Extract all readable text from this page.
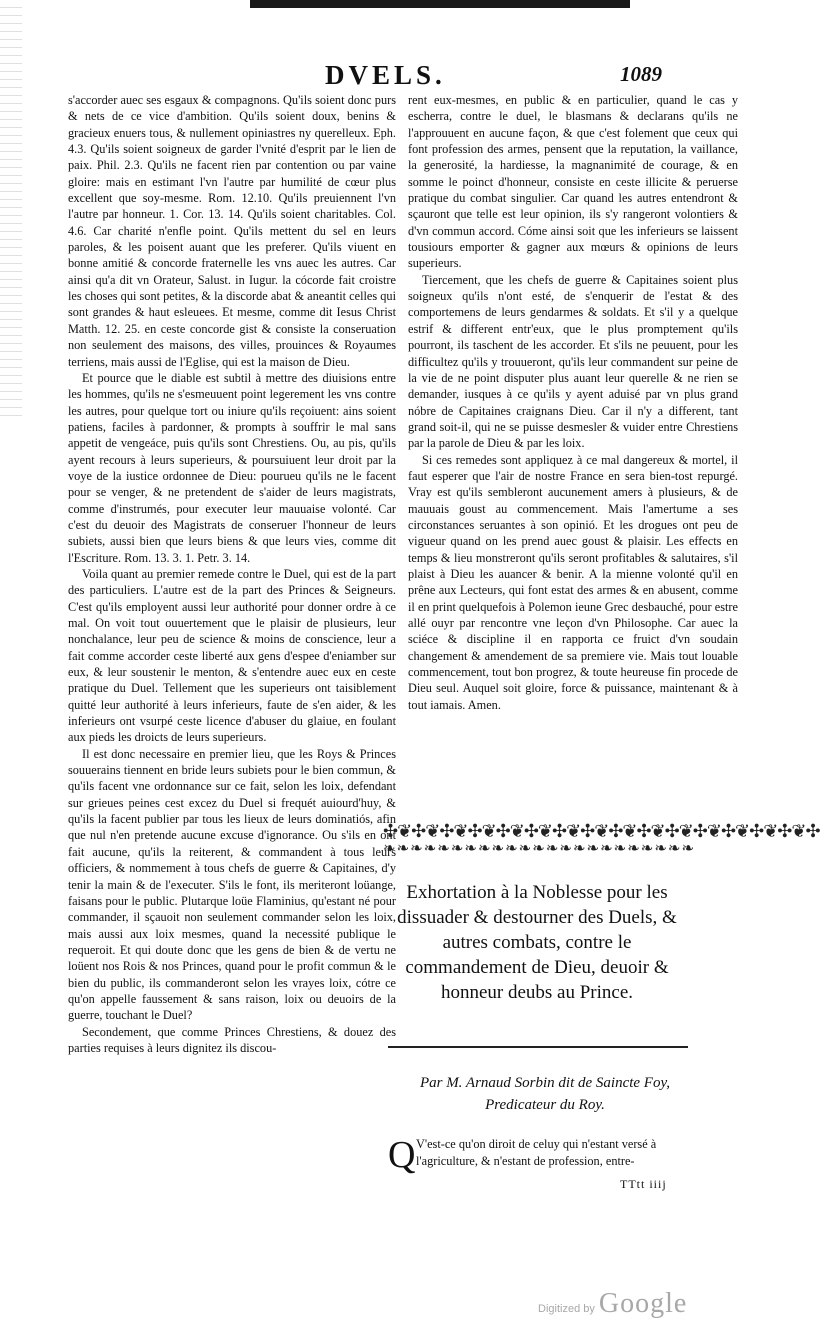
DVELS.	1089

s'accorder auec ses esgaux & compagnons. Qu'ils soient donc purs & nets de ce vice d'ambition. Qu'ils soient doux, benins & gracieux enuers tous, & nullement opiniastres ny querelleux. Eph. 4.3. Qu'ils soient soigneux de garder l'vnité d'esprit par le lien de paix. Phil. 2.3. Qu'ils ne facent rien par contention ou par vaine gloire: mais en estimant l'vn l'autre par humilité de cœur plus excellent que soy-mesme. Rom. 12.10. Qu'ils preuiennent l'vn l'autre par honneur. 1. Cor. 13. 14. Qu'ils soient charitables. Col. 4.6. Car charité n'enfle point. Qu'ils mettent du sel en leurs paroles, & les poisent auant que les preferer. Qu'ils viuent en bonne amitié & concorde fraternelle les vns auec les autres. Car ainsi qu'a dit vn Orateur, Salust. in Iugur. la cócorde fait croistre les choses qui sont petites, & la discorde abat & aneantit celles qui sont grandes & haut esleuees. Et mesme, comme dit Iesus Christ Matth. 12. 25. en ceste concorde gist & consiste la conseruation non seulement des maisons, des villes, prouinces & Royaumes terriens, mais aussi de l'Eglise, qui est la maison de Dieu.

Et pource que le diable est subtil à mettre des diuisions entre les hommes, qu'ils ne s'esmeuuent point legerement les vns contre les autres, pour quelque tort ou iniure qu'ils reçoiuent: ains soient patiens, faciles à pardonner, & prompts à souffrir le mal sans appetit de vengeáce, puis qu'ils sont Chrestiens. Ou, au pis, qu'ils ayent recours à leurs superieurs, & poursuiuent leur droit par la voye de la iustice ordonnee de Dieu: pourueu qu'ils ne le facent pour se venger, & ne pretendent de s'aider de leurs magistrats, comme d'instrumés, pour executer leur mauuaise volonté. Car c'est du deuoir des Magistrats de conseruer l'honneur de leurs subiets, aussi bien que leurs biens & que leurs vies, comme dit l'Escriture. Rom. 13. 3. 1. Petr. 3. 14.

Voila quant au premier remede contre le Duel, qui est de la part des particuliers. L'autre est de la part des Princes & Seigneurs. C'est qu'ils employent aussi leur authorité pour donner ordre à ce mal. On voit tout ouuertement que le plaisir de plusieurs, leur nonchalance, leur peu de science & moins de conscience, leur a fait comme accorder ceste liberté aux gens d'espee d'eniamber sur eux, & leur soustenir le menton, & s'entendre auec eux en ceste pratique du Duel. Tellement que les superieurs ont taisiblement quitté leur authorité à leurs inferieurs, faute de s'en aider, & les inferieurs ont vsurpé ceste licence d'abuser du glaiue, en foulant aux pieds les droicts de leurs superieurs.

Il est donc necessaire en premier lieu, que les Roys & Princes souuerains tiennent en bride leurs subiets pour le bien commun, & qu'ils facent vne ordonnance sur ce fait, selon les loix, defendant sur grieues peines cest excez du Duel si frequét auiourd'huy, & qu'ils la facent publier par tous les lieux de leurs dominatiós, afin que nul n'en pretende aucune excuse d'ignorance. Ou s'ils en ont fait aucune, qu'ils la reiterent, & commandent à tous leurs officiers, & nommement à tous chefs de guerre & Capitaines, d'y tenir la main & de l'executer. S'ils le font, ils meriteront loüange, faisans pour le public. Plutarque loüe Flaminius, qu'estant né pour commander, il sçauoit non seulement commander selon les loix, mais aussi aux loix mesmes, quand la necessité publique le requeroit. Et qui doute donc que les gens de bien & de vertu ne loüent nos Rois & nos Princes, quand pour le profit commun & le bien du public, ils commanderont selon les vrayes loix, cótre ce qu'on appelle faussement & sans raison, loix ou deuoirs de la guerre, touchant le Duel?

Secondement, que comme Princes Chrestiens, & douez des parties requises à leurs dignitez ils discou-

rent eux-mesmes, en public & en particulier, quand le cas y escherra, contre le duel, le blasmans & declarans qu'ils ne l'approuuent en aucune façon, & que c'est folement que ceux qui font profession des armes, pensent que la reputation, la vaillance, la generosité, la hardiesse, la magnanimité de courage, & en somme le poinct d'honneur, consiste en ceste illicite & peruerse pratique du combat singulier. Car quand les autres entendront & sçauront que telle est leur opinion, ils s'y rangeront volontiers & d'vn commun accord. Cóme ainsi soit que les inferieurs se laissent tousiours emporter & gagner aux mœurs & opinions de leurs superieurs.

Tiercement, que les chefs de guerre & Capitaines soient plus soigneux qu'ils n'ont esté, de s'enquerir de l'estat & des comportemens de leurs gendarmes & soldats. Et s'il y a quelque estrif & different entr'eux, que le plus promptement qu'ils pourront, ils taschent de les accorder. Et s'ils ne peuuent, pour les difficultez qu'ils y trouueront, qu'ils leur commandent sur peine de la vie de ne point disputer plus auant leur querelle & ne rien se demander, iusques à ce qu'ils y ayent aduisé par vn plus grand nóbre de Capitaines craignans Dieu. Car il n'y a different, tant grand soit-il, qui ne se puisse desmesler & vuider entre Chrestiens par la parole de Dieu & par les loix.

Si ces remedes sont appliquez à ce mal dangereux & mortel, il faut esperer que l'air de nostre France en sera bien-tost repurgé. Vray est qu'ils sembleront aucunement amers à plusieurs, & de mauuais goust au commencement. Mais l'amertume a ses circonstances seruantes à son opinió. Et les drogues ont peu de vigueur quand on les prend auec goust & plaisir. Les effects en temps & lieu monstreront qu'ils seront profitables & salutaires, s'il plaist à Dieu les auancer & benir. A la mienne volonté qu'il en prêne aux Lecteurs, qui font estat des armes & en abusent, comme il en print quelquefois à Polemon ieune Grec desbauché, pour estre allé ouyr par rencontre vne leçon d'vn Philosophe. Car auec la sciéce & discipline il en rapporta ce fruict d'vn soudain changement & amendement de sa premiere vie. Mais tout louable commencement, tout bon progrez, & toute heureuse fin procede de Dieu seul. Auquel soit gloire, force & puissance, maintenant & à tout iamais. Amen.

✣❦✣❦✣❦✣❦✣❦✣❦✣❦✣❦✣❦✣❦✣❦✣❦✣❦✣❦✣❦✣
❧❧❧❧❧❧❧❧❧❧❧❧❧❧❧❧❧❧❧❧❧❧❧
Exhortation à la Noblesse pour les dissuader & destourner des Duels, & autres combats, contre le commandement de Dieu, deuoir & honneur deubs au Prince.
Par M. Arnaud Sorbin dit de Saincte Foy, Predicateur du Roy.
Q V'est-ce qu'on diroit de celuy qui n'estant versé à l'agriculture, & n'estant de profession, entre-
TTtt iiij
Digitized by Google
